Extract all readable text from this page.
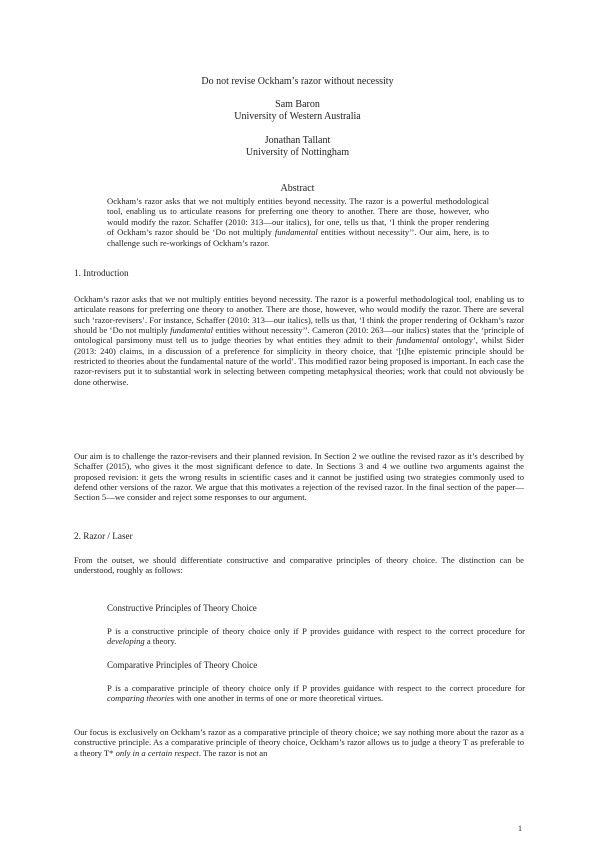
Do not revise Ockham’s razor without necessity
Sam Baron
University of Western Australia
Jonathan Tallant
University of Nottingham
Abstract
Ockham’s razor asks that we not multiply entities beyond necessity. The razor is a powerful methodological tool, enabling us to articulate reasons for preferring one theory to another. There are those, however, who would modify the razor. Schaffer (2010: 313—our italics), for one, tells us that, ‘I think the proper rendering of Ockham’s razor should be ‘Do not multiply fundamental entities without necessity’’. Our aim, here, is to challenge such re-workings of Ockham’s razor.
1. Introduction

Ockham’s razor asks that we not multiply entities beyond necessity. The razor is a powerful methodological tool, enabling us to articulate reasons for preferring one theory to another. There are those, however, who would modify the razor. There are several such ‘razor-revisers’. For instance, Schaffer (2010: 313—our italics), tells us that, ‘I think the proper rendering of Ockham’s razor should be ‘Do not multiply fundamental entities without necessity’’. Cameron (2010: 263—our italics) states that the ‘principle of ontological parsimony must tell us to judge theories by what entities they admit to their fundamental ontology’, whilst Sider (2013: 240) claims, in a discussion of a preference for simplicity in theory choice, that ‘[t]he epistemic principle should be restricted to theories about the fundamental nature of the world’. This modified razor being proposed is important. In each case the razor-revisers put it to substantial work in selecting between competing metaphysical theories; work that could not obviously be done otherwise.

Our aim is to challenge the razor-revisers and their planned revision. In Section 2 we outline the revised razor as it’s described by Schaffer (2015), who gives it the most significant defence to date. In Sections 3 and 4 we outline two arguments against the proposed revision: it gets the wrong results in scientific cases and it cannot be justified using two strategies commonly used to defend other versions of the razor. We argue that this motivates a rejection of the revised razor. In the final section of the paper—Section 5—we consider and reject some responses to our argument.

2. Razor / Laser

From the outset, we should differentiate constructive and comparative principles of theory choice. The distinction can be understood, roughly as follows:

Constructive Principles of Theory Choice
P is a constructive principle of theory choice only if P provides guidance with respect to the correct procedure for developing a theory.
Comparative Principles of Theory Choice
P is a comparative principle of theory choice only if P provides guidance with respect to the correct procedure for comparing theories with one another in terms of one or more theoretical virtues.

Our focus is exclusively on Ockham’s razor as a comparative principle of theory choice; we say nothing more about the razor as a constructive principle. As a comparative principle of theory choice, Ockham’s razor allows us to judge a theory T as preferable to a theory T* only in a certain respect. The razor is not an

1
